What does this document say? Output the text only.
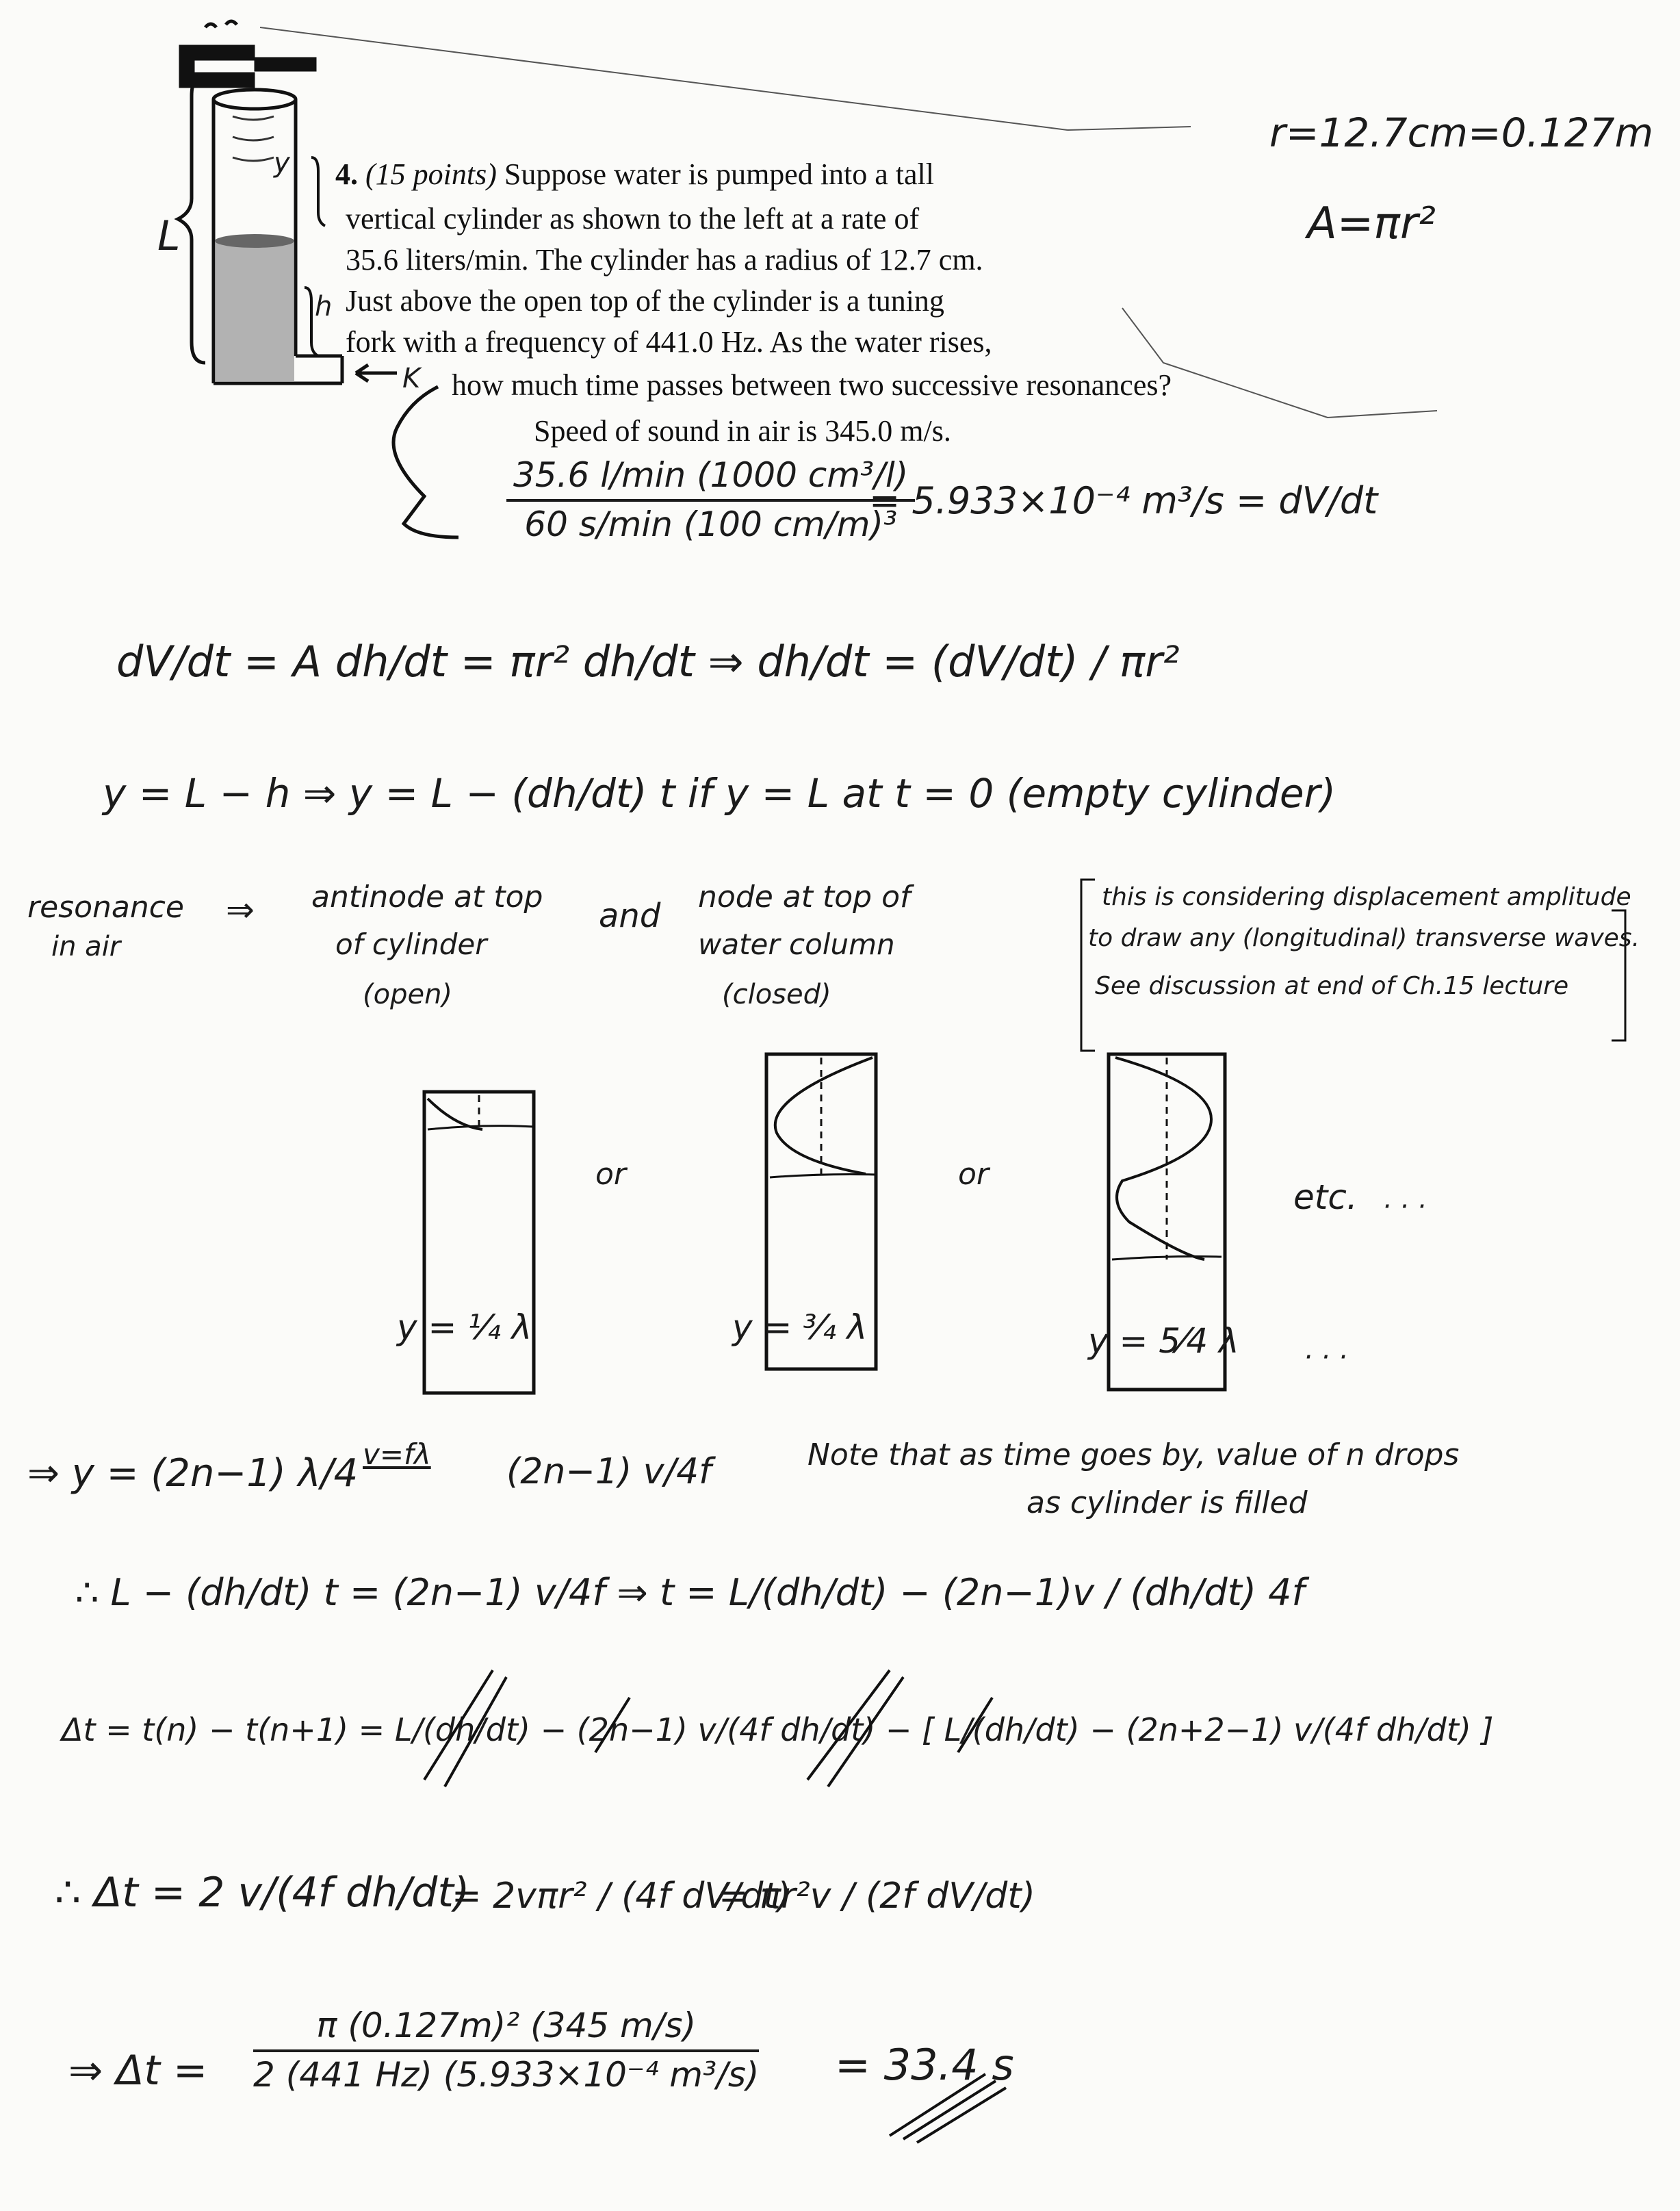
L
y
h
K
4. (15 points) Suppose water is pumped into a tall
vertical cylinder as shown to the left at a rate of
35.6 liters/min. The cylinder has a radius of 12.7 cm.
Just above the open top of the cylinder is a tuning
fork with a frequency of 441.0 Hz. As the water rises,
how much time passes between two successive resonances?
Speed of sound in air is 345.0 m/s.
r=12.7cm=0.127m
A=πr²
35.6 l/min (1000 cm³/l)
60 s/min (100 cm/m)³
= 5.933×10⁻⁴ m³/s = dV/dt
dV/dt = A dh/dt = πr² dh/dt ⇒ dh/dt = (dV/dt) / πr²
y = L − h ⇒ y = L − (dh/dt) t if y = L at t = 0 (empty cylinder)
resonance
in air
⇒ antinode at top
of cylinder
(open)
and node at top of
water column
(closed)
this is considering displacement amplitude
to draw any (longitudinal) transverse waves.
See discussion at end of Ch.15 lecture
or	or
etc. · · ·
· · ·
y = ¼ λ	y = ¾ λ	y = 5⁄4 λ
⇒ y = (2n−1) λ/4 v=fλ (2n−1) v/4f	Note that as time goes by, value of n drops
as cylinder is filled
∴ L − (dh/dt) t = (2n−1) v/4f ⇒ t = L/(dh/dt) − (2n−1)v / (dh/dt) 4f
Δt = t(n) − t(n+1) = L/(dh/dt) − (2n−1) v/(4f dh/dt) − [ L/(dh/dt) − (2n+2−1) v/(4f dh/dt) ]
∴ Δt = 2 v/(4f dh/dt)
= 2vπr² / (4f dV/dt)
= πr²v / (2f dV/dt)
⇒ $\Delta t = \frac{\text{π (0.127m)² (345 m/s)}}{\text{2 (441 Hz) (5.933×10⁻⁴ m³/s)}} = 33.4$ s
